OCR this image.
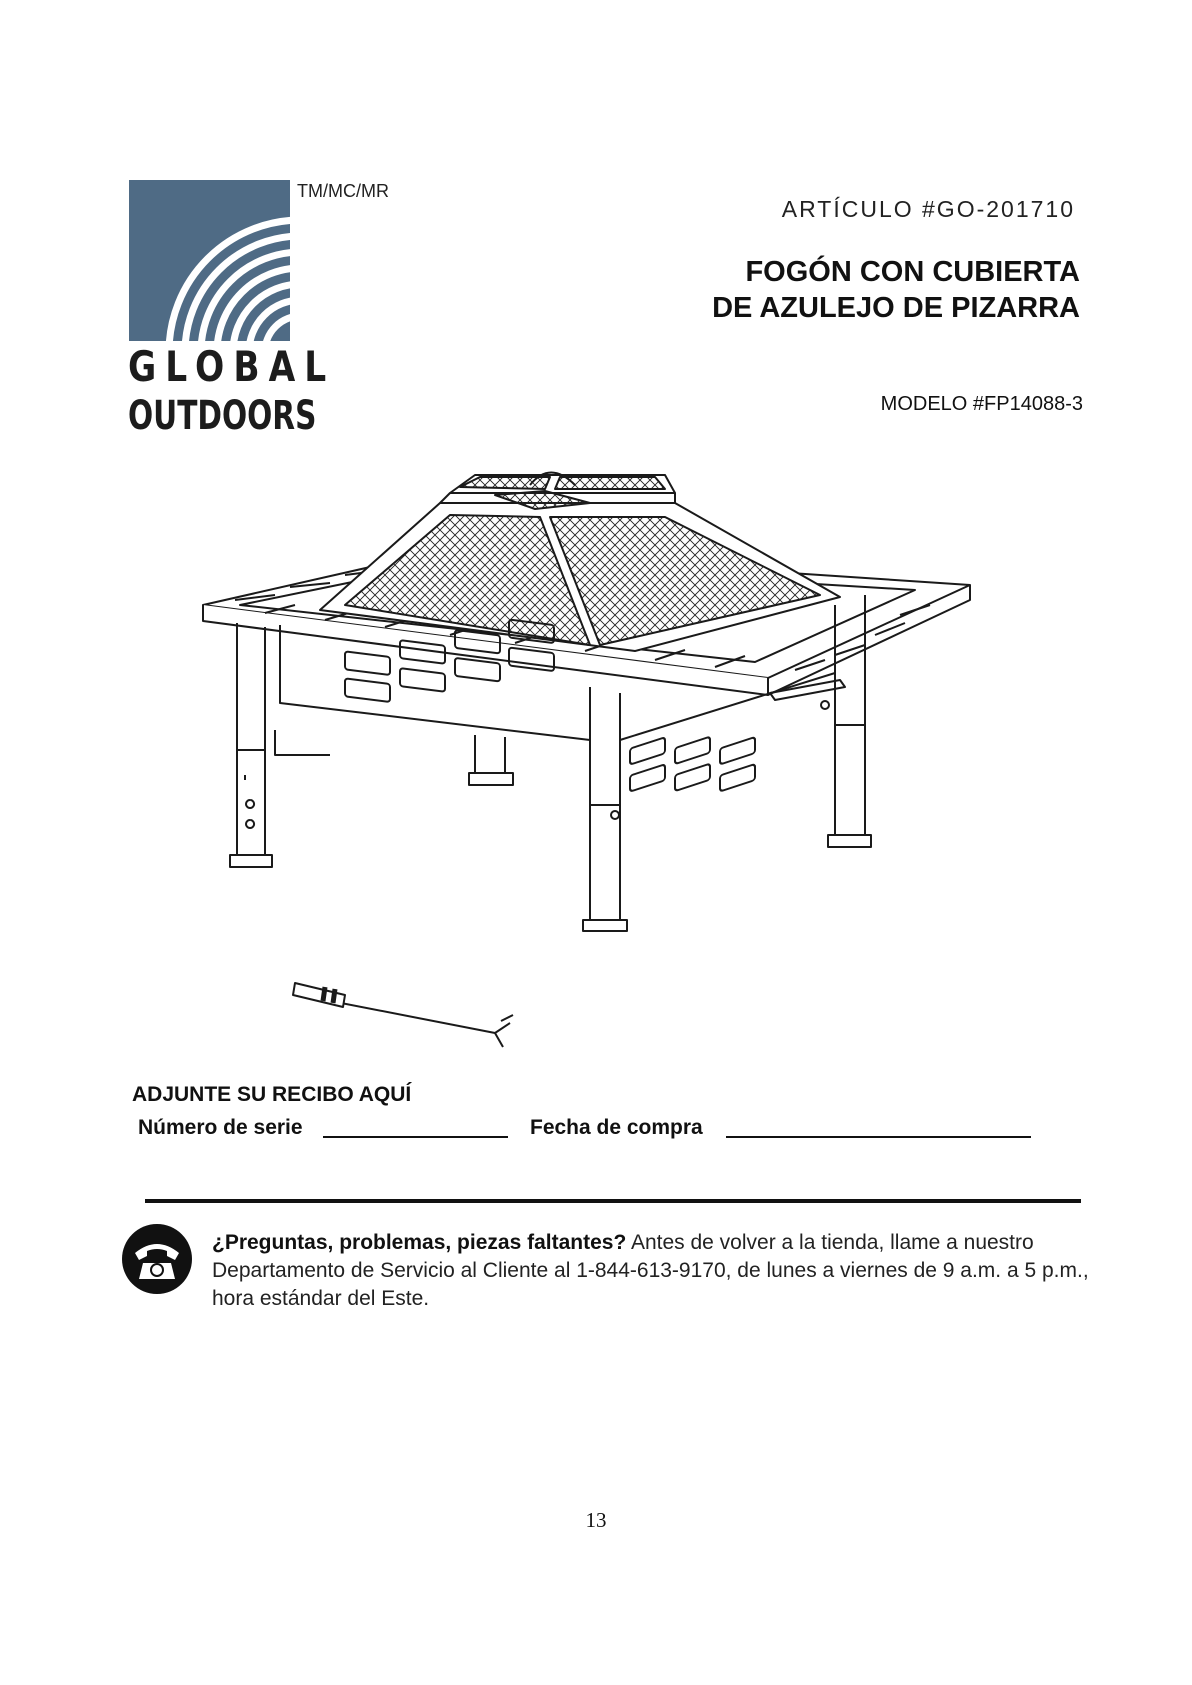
TM/MC/MR
GLOBAL
OUTDOORS
ARTÍCULO #GO-201710
FOGÓN CON CUBIERTA
DE AZULEJO DE PIZARRA
MODELO #FP14088-3
ADJUNTE SU RECIBO AQUÍ
Número de serie	Fecha de compra
¿Preguntas, problemas, piezas faltantes? Antes de volver a la tienda, llame a nuestro Departamento de Servicio al Cliente al 1-844-613-9170, de lunes a viernes de 9 a.m. a 5 p.m., hora estándar del Este.
13
